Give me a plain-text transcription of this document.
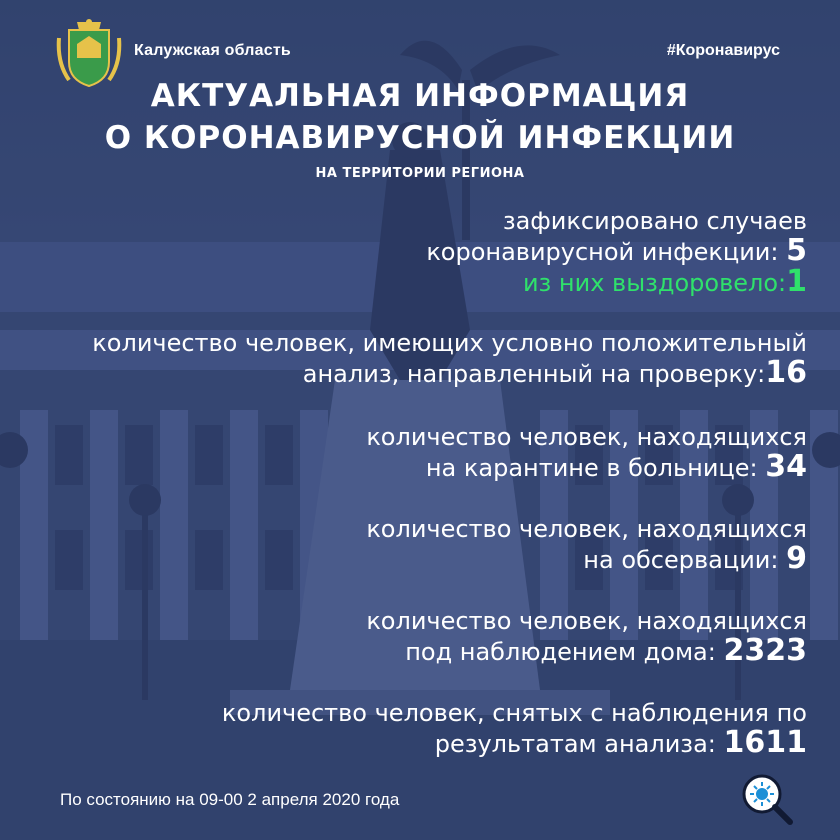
Калужская область	#Коронавирус
АКТУАЛЬНАЯ ИНФОРМАЦИЯ
О КОРОНАВИРУСНОЙ ИНФЕКЦИИ
НА ТЕРРИТОРИИ РЕГИОНА
зафиксировано случаев
коронавирусной инфекции: 5
из них выздоровело:1
количество человек, имеющих условно положительный
анализ, направленный на проверку:16
количество человек, находящихся
на карантине в больнице: 34
количество человек, находящихся
на обсервации: 9
количество человек, находящихся
под наблюдением дома: 2323
количество человек, снятых с наблюдения по
результатам анализа: 1611
По состоянию на 09-00 2 апреля 2020 года
